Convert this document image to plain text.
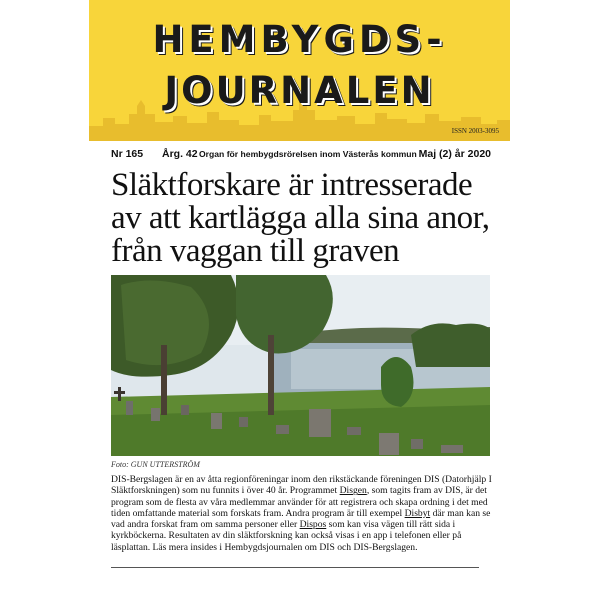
HEMBYGDS-
JOURNALEN
ISSN 2003-3095
Nr 165 Årg. 42 Organ för hembygdsrörelsen inom Västerås kommun Maj (2) år 2020
Släktforskare är intresserade
av att kartlägga alla sina anor,
från vaggan till graven
Foto: GUN UTTERSTRÖM
DIS-Bergslagen är en av åtta regionföreningar inom den rikstäckande föreningen DIS (Datorhjälp I Släktforskningen) som nu funnits i över 40 år. Programmet Disgen, som tagits fram av DIS, är det program som de flesta av våra medlemmar använder för att registrera och skapa ordning i det med tiden omfattande material som forskats fram. Andra program är till exempel Disbyt där man kan se vad andra forskat fram om samma personer eller Dispos som kan visa vägen till rätt sida i kyrkböckerna. Resultaten av din släktforskning kan också visas i en app i telefonen eller på läsplattan. Läs mera insides i Hembygdsjournalen om DIS och DIS-Bergslagen.
